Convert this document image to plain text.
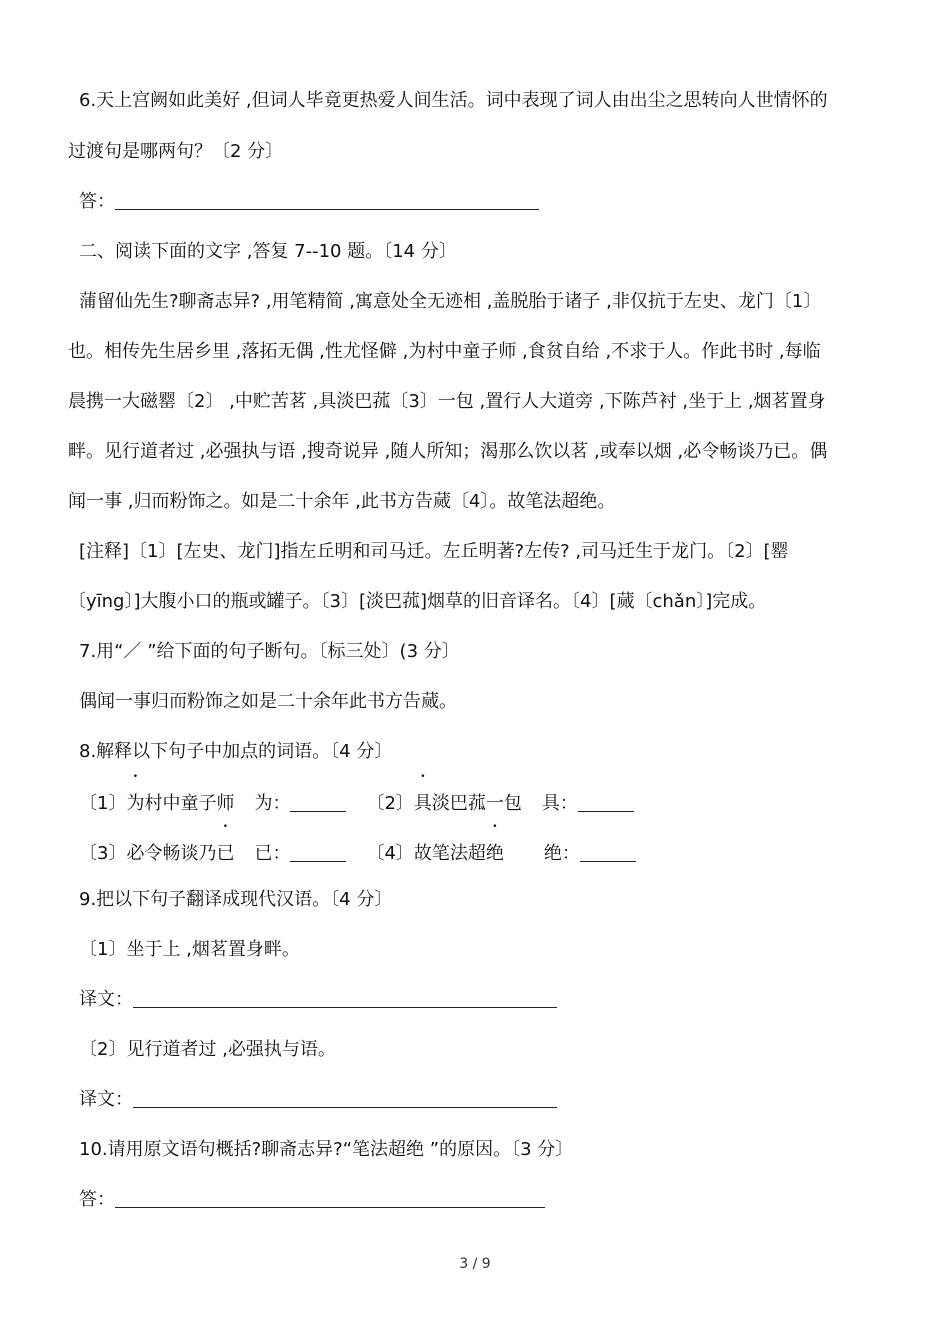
6.天上宫阙如此美好 ,但词人毕竟更热爱人间生活。词中表现了词人由出尘之思转向人世情怀的
过渡句是哪两句？〔2 分〕
答：
二、阅读下面的文字 ,答复 7--10 题。〔14 分〕
蒲留仙先生?聊斋志异? ,用笔精简 ,寓意处全无迹相 ,盖脱胎于诸子 ,非仅抗于左史、龙门〔1〕
也。相传先生居乡里 ,落拓无偶 ,性尤怪僻 ,为村中童子师 ,食贫自给 ,不求于人。作此书时 ,每临
晨携一大磁罂〔2〕 ,中贮苦茗 ,具淡巴菰〔3〕一包 ,置行人大道旁 ,下陈芦衬 ,坐于上 ,烟茗置身
畔。见行道者过 ,必强执与语 ,搜奇说异 ,随人所知；渴那么饮以茗 ,或奉以烟 ,必令畅谈乃已。偶
闻一事 ,归而粉饰之。如是二十余年 ,此书方告蒇〔4〕。故笔法超绝。
[注释]〔1〕[左史、龙门]指左丘明和司马迁。左丘明著?左传? ,司马迁生于龙门。〔2〕[罂
〔yīng〕]大腹小口的瓶或罐子。〔3〕[淡巴菰]烟草的旧音译名。〔4〕[蒇〔chǎn〕]完成。
7.用“／ ”给下面的句子断句。〔标三处〕(3 分〕
偶闻一事归而粉饰之如是二十余年此书方告蒇。
8.解释以下句子中加点的词语。〔4 分〕
〔1〕为村中童子师 为：	〔2〕具淡巴菰一包 具：
〔3〕必令畅谈乃已 已：	〔4〕故笔法超绝 绝：
9.把以下句子翻译成现代汉语。〔4 分〕
〔1〕坐于上 ,烟茗置身畔。
译文：
〔2〕见行道者过 ,必强执与语。
译文：
10.请用原文语句概括?聊斋志异?“笔法超绝 ”的原因。〔3 分〕
答：
3 / 9
